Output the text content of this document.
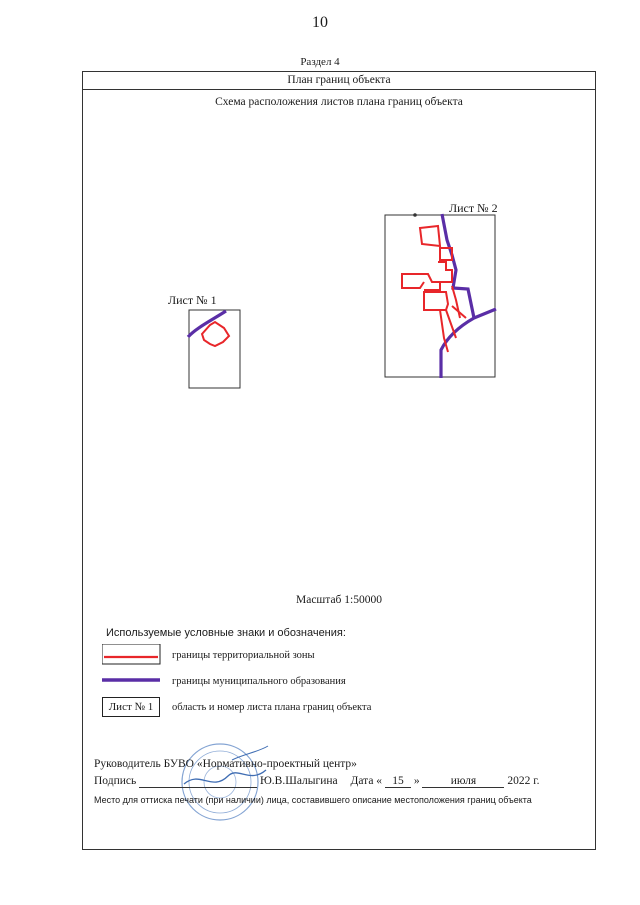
10
Раздел 4
План границ объекта
Схема расположения листов плана границ объекта
Лист № 1
Лист № 2
Масштаб 1:50000
Используемые условные знаки и обозначения:
границы территориальной зоны
границы муниципального образования
Лист № 1	область и номер листа плана границ объекта
Руководитель БУВО «Нормативно-проектный центр»
Подпись	Ю.В.Шалыгина Дата « 15 »	июля	2022 г.
Место для оттиска печати (при наличии) лица, составившего описание местоположения границ объекта
